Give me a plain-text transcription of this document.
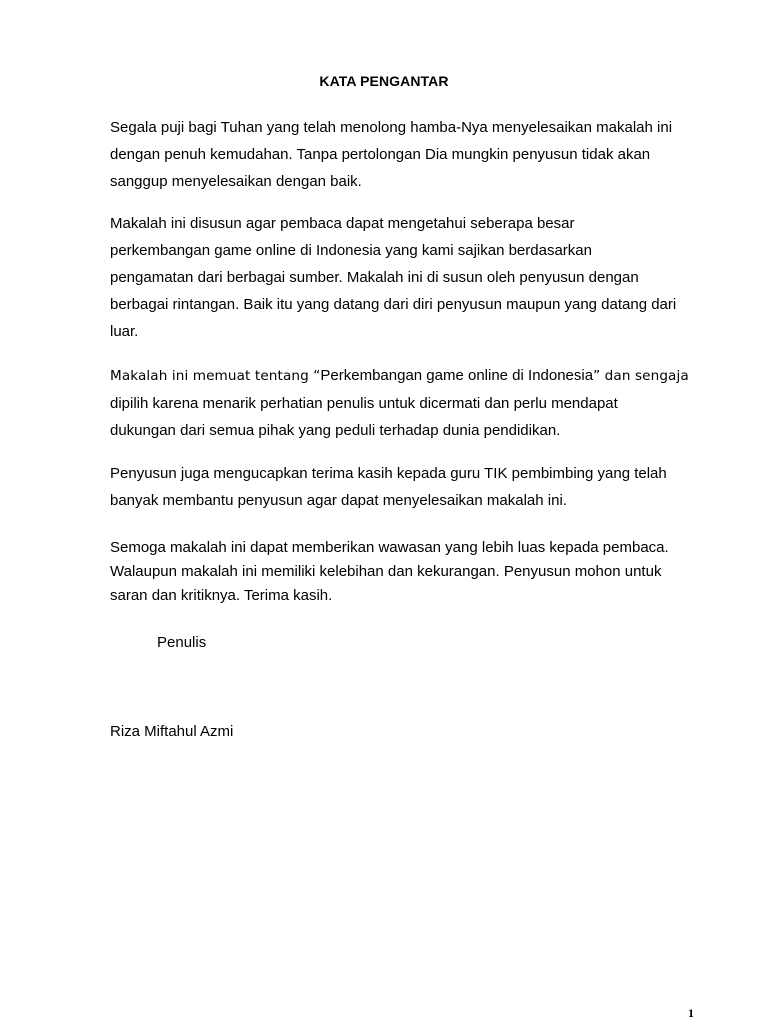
KATA PENGANTAR

Segala puji bagi Tuhan yang telah menolong hamba-Nya menyelesaikan makalah ini
dengan penuh kemudahan. Tanpa pertolongan Dia mungkin penyusun tidak akan
sanggup menyelesaikan dengan baik.

Makalah ini disusun agar pembaca dapat mengetahui seberapa besar
perkembangan game online di Indonesia yang kami sajikan berdasarkan
pengamatan dari berbagai sumber. Makalah ini di susun oleh penyusun dengan
berbagai rintangan. Baik itu yang datang dari diri penyusun maupun yang datang dari
luar.

Makalah ini memuat tentang “Perkembangan game online di Indonesia” dan sengaja
dipilih karena menarik perhatian penulis untuk dicermati dan perlu mendapat
dukungan dari semua pihak yang peduli terhadap dunia pendidikan.

Penyusun juga mengucapkan terima kasih kepada guru TIK pembimbing yang telah
banyak membantu penyusun agar dapat menyelesaikan makalah ini.

Semoga makalah ini dapat memberikan wawasan yang lebih luas kepada pembaca.
Walaupun makalah ini memiliki kelebihan dan kekurangan. Penyusun mohon untuk
saran dan kritiknya. Terima kasih.

Penulis
Riza Miftahul Azmi
1
